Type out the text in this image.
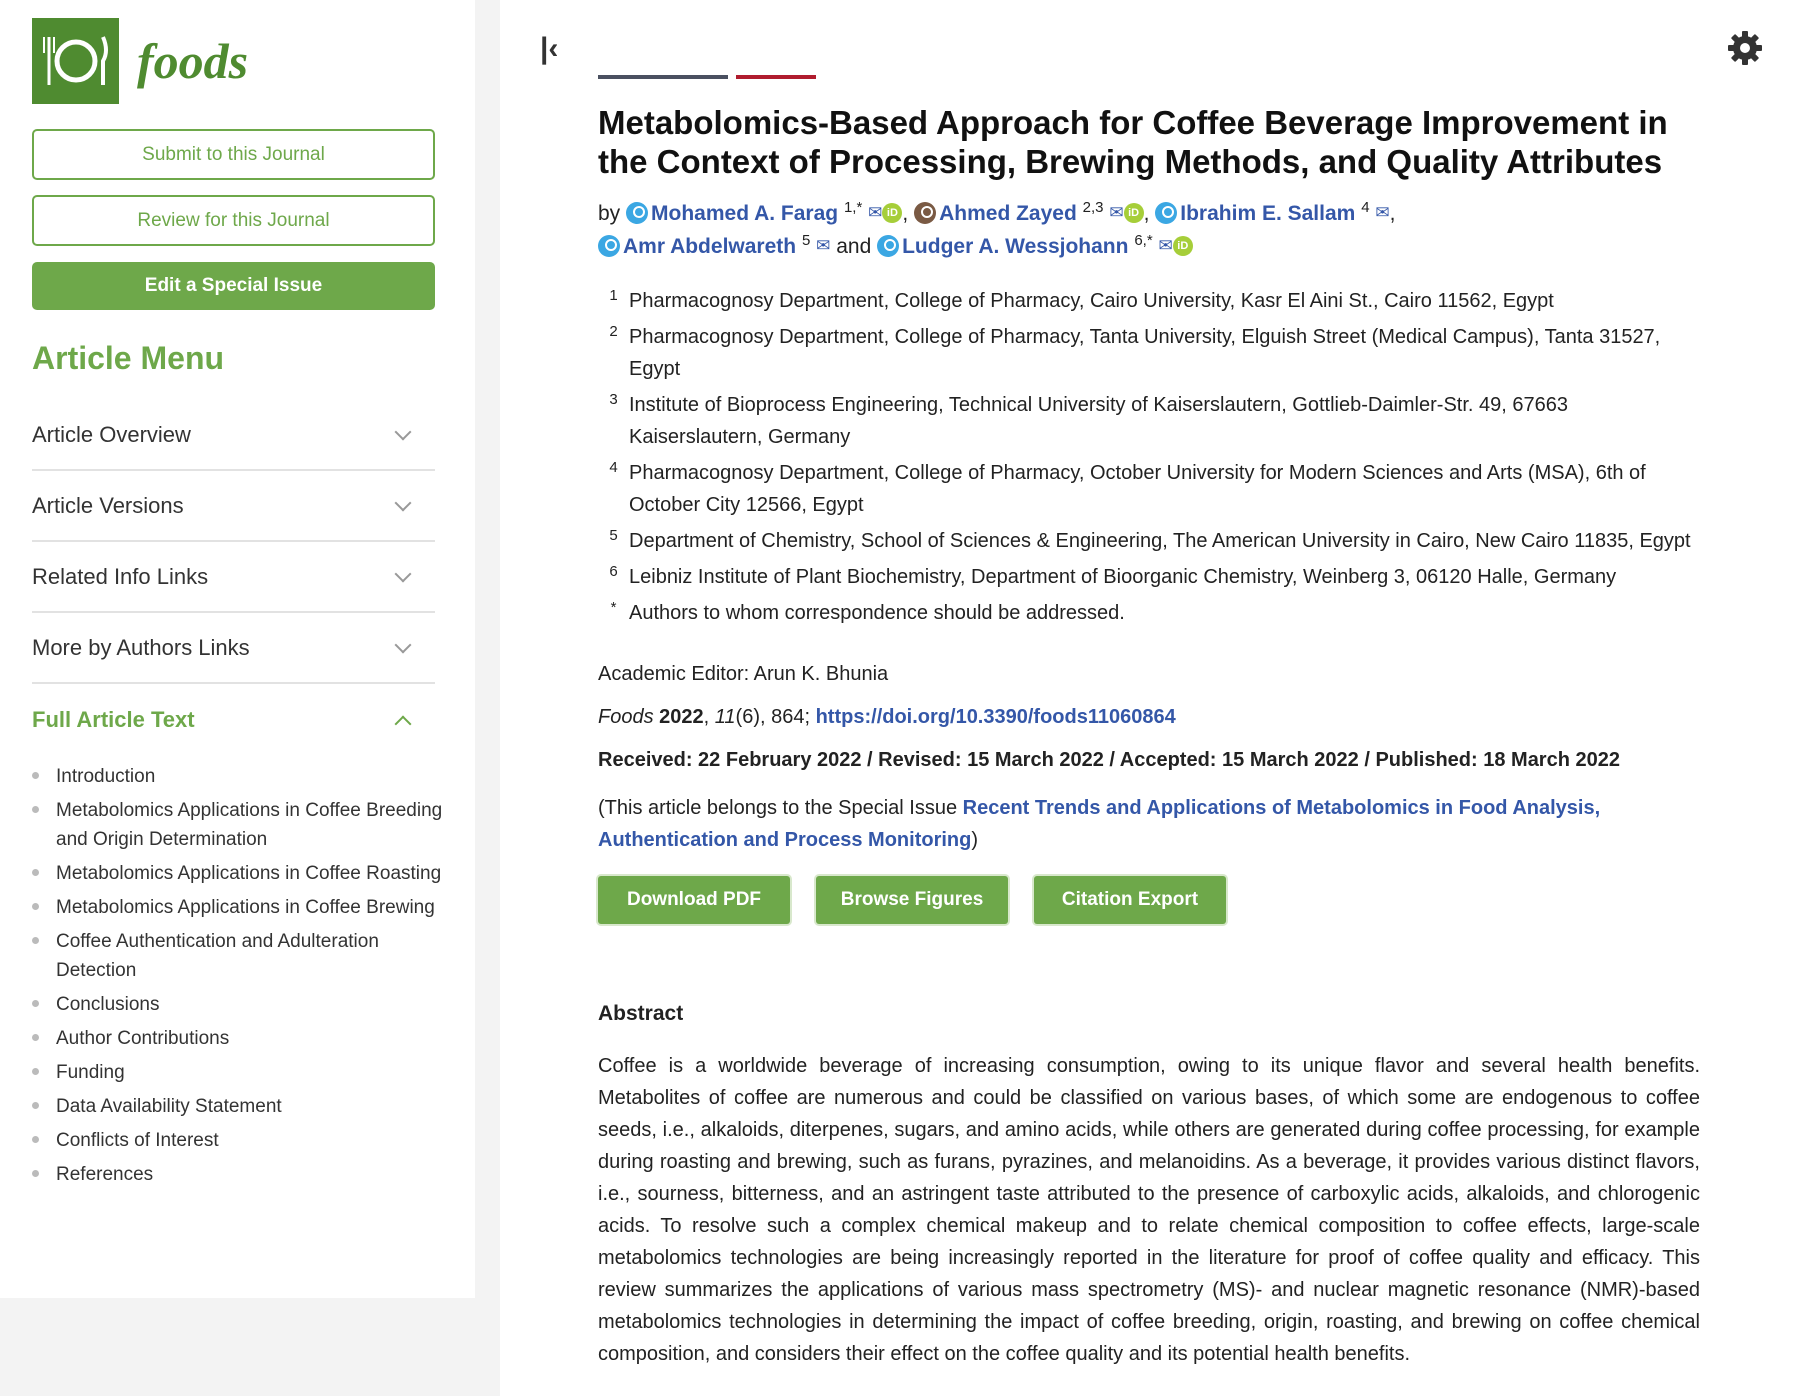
foods
Submit to this Journal
Review for this Journal
Edit a Special Issue
Article Menu
Article Overview
Article Versions
Related Info Links
More by Authors Links
Full Article Text
Introduction
Metabolomics Applications in Coffee Breeding and Origin Determination
Metabolomics Applications in Coffee Roasting
Metabolomics Applications in Coffee Brewing
Coffee Authentication and Adulteration Detection
Conclusions
Author Contributions
Funding
Data Availability Statement
Conflicts of Interest
References
|‹
Metabolomics-Based Approach for Coffee Beverage Improvement in the Context of Processing, Brewing Methods, and Quality Attributes
by Mohamed A. Farag $^{1,*}$ ✉ iD , Ahmed Zayed $^{2,3}$ ✉ iD , Ibrahim E. Sallam $^4$ ✉,
Amr Abdelwareth $^5$ ✉ and Ludger A. Wessjohann $^{6,*}$ ✉ iD
1 Pharmacognosy Department, College of Pharmacy, Cairo University, Kasr El Aini St., Cairo 11562, Egypt
2 Pharmacognosy Department, College of Pharmacy, Tanta University, Elguish Street (Medical Campus), Tanta 31527, Egypt
3 Institute of Bioprocess Engineering, Technical University of Kaiserslautern, Gottlieb-Daimler-Str. 49, 67663 Kaiserslautern, Germany
4 Pharmacognosy Department, College of Pharmacy, October University for Modern Sciences and Arts (MSA), 6th of October City 12566, Egypt
5 Department of Chemistry, School of Sciences & Engineering, The American University in Cairo, New Cairo 11835, Egypt
6 Leibniz Institute of Plant Biochemistry, Department of Bioorganic Chemistry, Weinberg 3, 06120 Halle, Germany
* Authors to whom correspondence should be addressed.
Academic Editor: Arun K. Bhunia
Foods 2022, 11(6), 864; https://doi.org/10.3390/foods11060864
Received: 22 February 2022 / Revised: 15 March 2022 / Accepted: 15 March 2022 / Published: 18 March 2022
(This article belongs to the Special Issue Recent Trends and Applications of Metabolomics in Food Analysis, Authentication and Process Monitoring)
Download PDF	Browse Figures	Citation Export
Abstract

Coffee is a worldwide beverage of increasing consumption, owing to its unique flavor and several health benefits. Metabolites of coffee are numerous and could be classified on various bases, of which some are endogenous to coffee seeds, i.e., alkaloids, diterpenes, sugars, and amino acids, while others are generated during coffee processing, for example during roasting and brewing, such as furans, pyrazines, and melanoidins. As a beverage, it provides various distinct flavors, i.e., sourness, bitterness, and an astringent taste attributed to the presence of carboxylic acids, alkaloids, and chlorogenic acids. To resolve such a complex chemical makeup and to relate chemical composition to coffee effects, large-scale metabolomics technologies are being increasingly reported in the literature for proof of coffee quality and efficacy. This review summarizes the applications of various mass spectrometry (MS)- and nuclear magnetic resonance (NMR)-based metabolomics technologies in determining the impact of coffee breeding, origin, roasting, and brewing on coffee chemical composition, and considers their effect on the coffee quality and its potential health benefits.
